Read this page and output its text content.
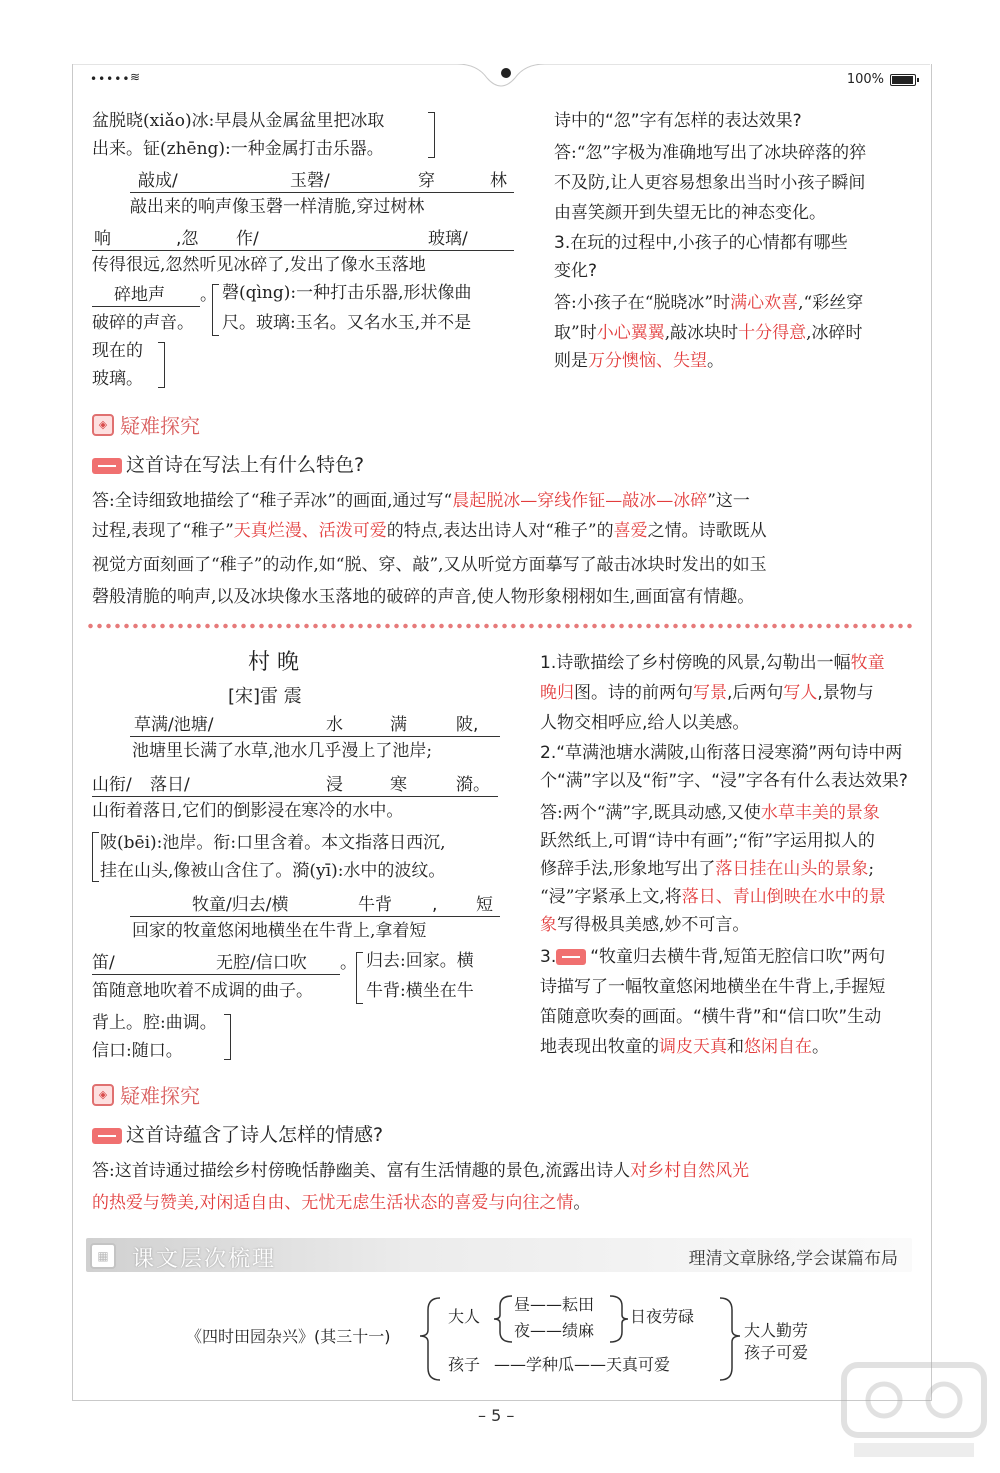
••••• ≋	100%
盆脱晓(xiǎo)冰:早晨从金属盆里把冰取
出来。钲(zhēng):一种金属打击乐器。
敲成/	玉磬/	穿	林
敲出来的响声像玉磬一样清脆,穿过树林
响	,忽 作/	玻璃/
传得很远,忽然听见冰碎了,发出了像水玉落地
碎地声 。 磬(qìng):一种打击乐器,形状像曲
破碎的声音。 尺。玻璃:玉名。又名水玉,并不是
现在的
玻璃。
诗中的“忽”字有怎样的表达效果?
答:“忽”字极为准确地写出了冰块碎落的猝
不及防,让人更容易想象出当时小孩子瞬间
由喜笑颜开到失望无比的神态变化。
3.在玩的过程中,小孩子的心情都有哪些
变化?
答:小孩子在“脱晓冰”时满心欢喜,“彩丝穿
取”时小心翼翼,敲冰块时十分得意,冰碎时
则是万分懊恼、失望。
◈ 疑难探究
这首诗在写法上有什么特色?
答:全诗细致地描绘了“稚子弄冰”的画面,通过写“晨起脱冰—穿线作钲—敲冰—冰碎”这一
过程,表现了“稚子”天真烂漫、活泼可爱的特点,表达出诗人对“稚子”的喜爱之情。诗歌既从
视觉方面刻画了“稚子”的动作,如“脱、穿、敲”,又从听觉方面摹写了敲击冰块时发出的如玉
磬般清脆的响声,以及冰块像水玉落地的破碎的声音,使人物形象栩栩如生,画面富有情趣。
村 晚
[宋]雷 震
草满/池塘/	水	满	陂,
池塘里长满了水草,池水几乎漫上了池岸;
山衔/ 落日/	浸	寒	漪。
山衔着落日,它们的倒影浸在寒冷的水中。
陂(bēi):池岸。衔:口里含着。本文指落日西沉,
挂在山头,像被山含住了。漪(yī):水中的波纹。
牧童/归去/横	牛背 , 短
回家的牧童悠闲地横坐在牛背上,拿着短
笛/	无腔/信口吹 。 归去:回家。横
笛随意地吹着不成调的曲子。	牛背:横坐在牛
背上。腔:曲调。
信口:随口。
1.诗歌描绘了乡村傍晚的风景,勾勒出一幅牧童
晚归图。诗的前两句写景,后两句写人,景物与
人物交相呼应,给人以美感。
2.“草满池塘水满陂,山衔落日浸寒漪”两句诗中两
个“满”字以及“衔”字、“浸”字各有什么表达效果?
答:两个“满”字,既具动感,又使水草丰美的景象
跃然纸上,可谓“诗中有画”;“衔”字运用拟人的
修辞手法,形象地写出了落日挂在山头的景象;
“浸”字紧承上文,将落日、青山倒映在水中的景
象写得极具美感,妙不可言。
3. “牧童归去横牛背,短笛无腔信口吹”两句
诗描写了一幅牧童悠闲地横坐在牛背上,手握短
笛随意吹奏的画面。“横牛背”和“信口吹”生动
地表现出牧童的调皮天真和悠闲自在。
◈ 疑难探究
这首诗蕴含了诗人怎样的情感?
答:这首诗通过描绘乡村傍晚恬静幽美、富有生活情趣的景色,流露出诗人对乡村自然风光
的热爱与赞美,对闲适自由、无忧无虑生活状态的喜爱与向往之情。
▦	课文层次梳理	理清文章脉络,学会谋篇布局
《四时田园杂兴》(其三十一)
大人
昼——耘田
夜——绩麻
日夜劳碌
孩子 ——学种瓜——天真可爱
大人勤劳
孩子可爱
– 5 –
